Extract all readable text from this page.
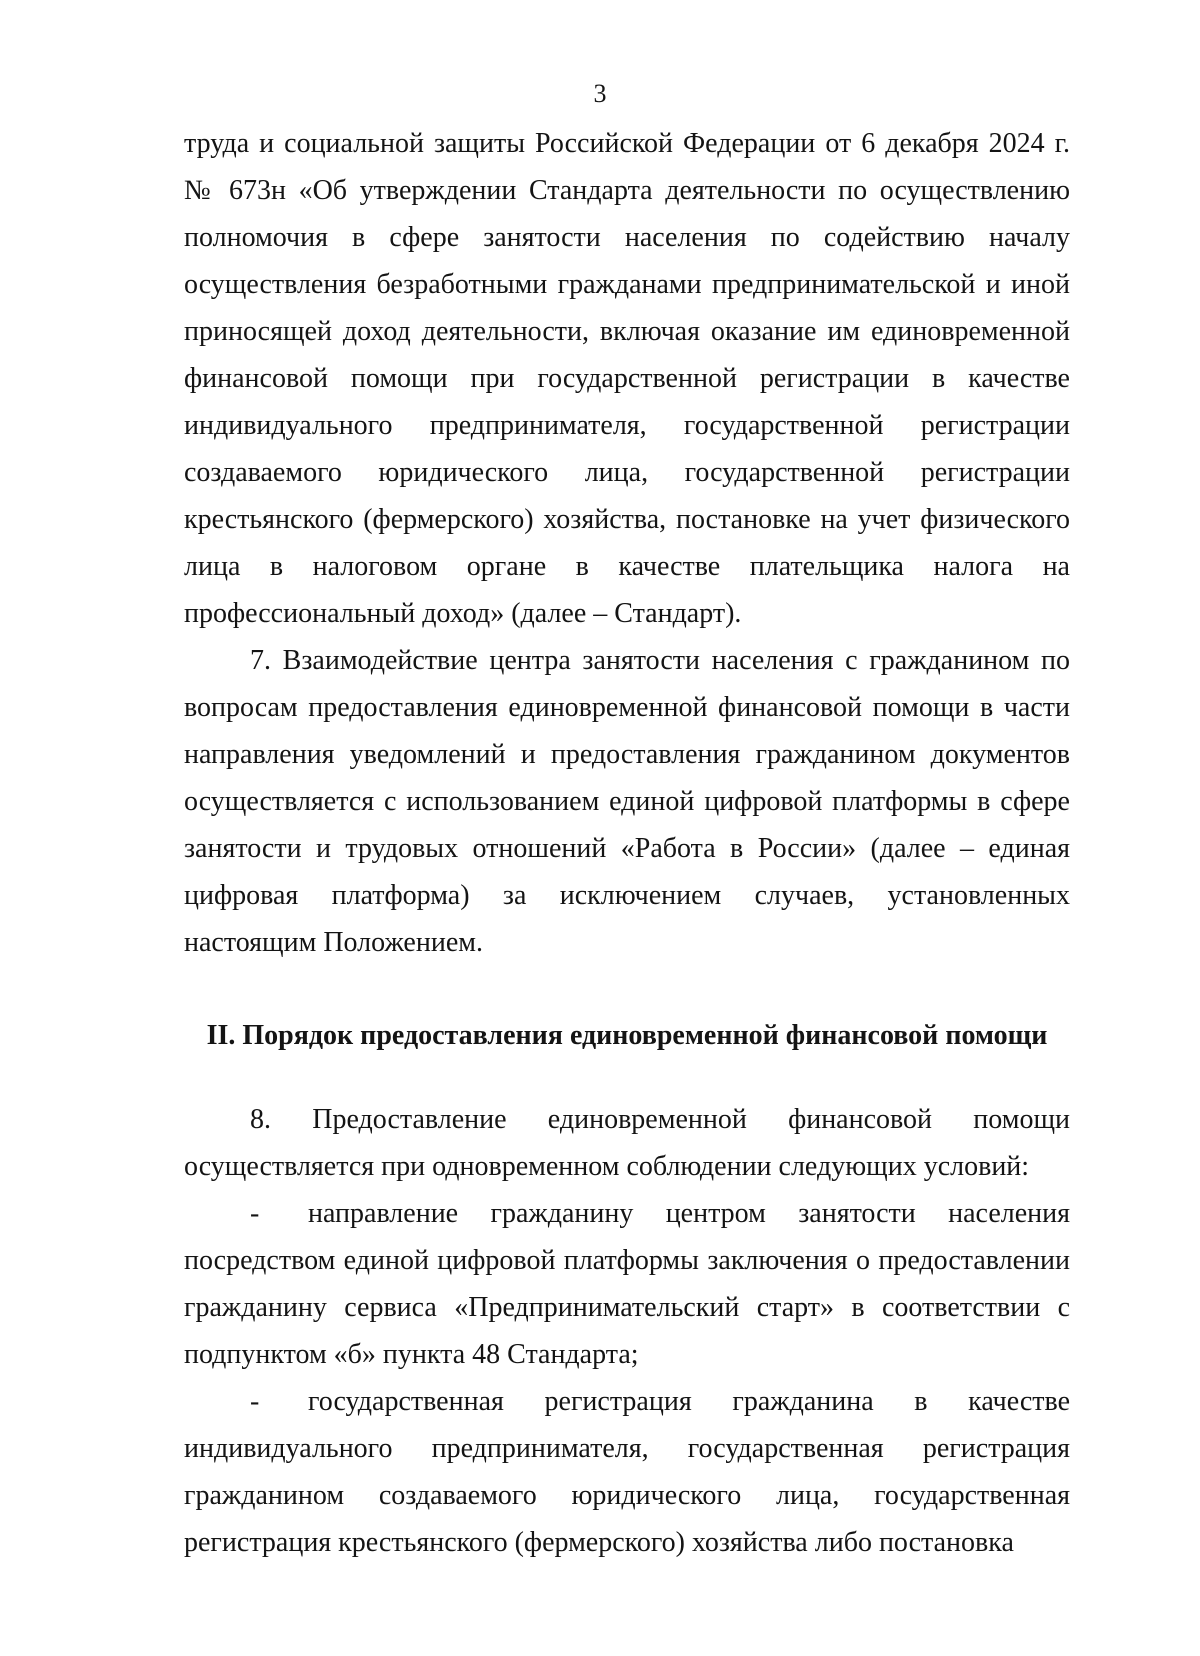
3

труда и социальной защиты Российской Федерации от 6 декабря 2024 г. № 673н «Об утверждении Стандарта деятельности по осуществлению полномочия в сфере занятости населения по содействию началу осуществления безработными гражданами предпринимательской и иной приносящей доход деятельности, включая оказание им единовременной финансовой помощи при государственной регистрации в качестве индивидуального предпринимателя, государственной регистрации создаваемого юридического лица, государственной регистрации крестьянского (фермерского) хозяйства, постановке на учет физического лица в налоговом органе в качестве плательщика налога на профессиональный доход» (далее – Стандарт).

7. Взаимодействие центра занятости населения с гражданином по вопросам предоставления единовременной финансовой помощи в части направления уведомлений и предоставления гражданином документов осуществляется с использованием единой цифровой платформы в сфере занятости и трудовых отношений «Работа в России» (далее – единая цифровая платформа) за исключением случаев, установленных настоящим Положением.

II. Порядок предоставления единовременной финансовой помощи

8. Предоставление единовременной финансовой помощи осуществляется при одновременном соблюдении следующих условий:

- направление гражданину центром занятости населения посредством единой цифровой платформы заключения о предоставлении гражданину сервиса «Предпринимательский старт» в соответствии с подпунктом «б» пункта 48 Стандарта;

- государственная регистрация гражданина в качестве индивидуального предпринимателя, государственная регистрация гражданином создаваемого юридического лица, государственная регистрация крестьянского (фермерского) хозяйства либо постановка
